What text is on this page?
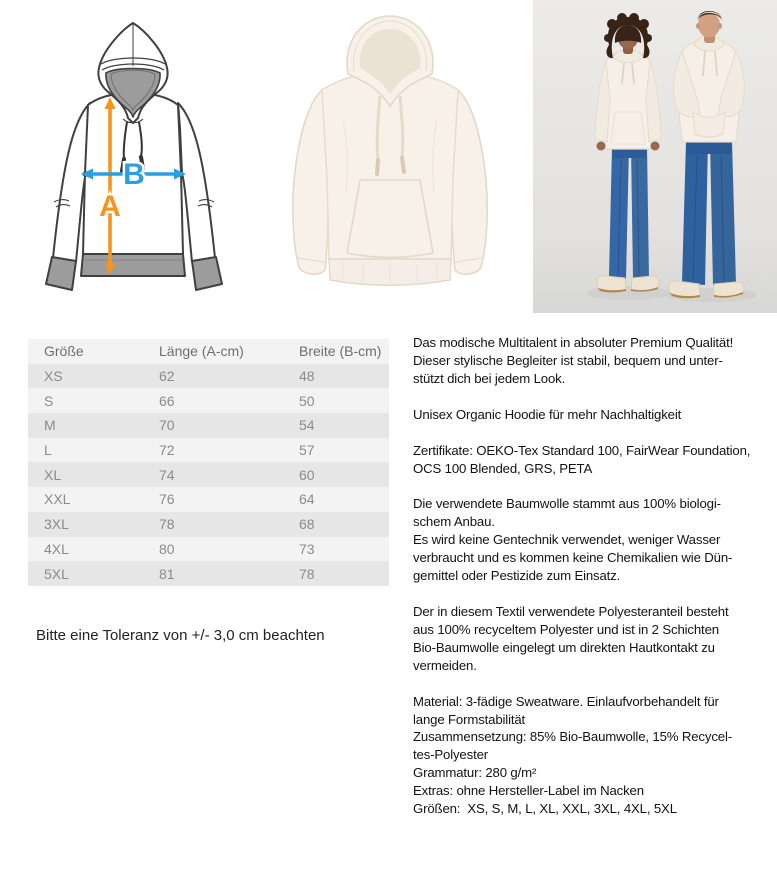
A
B
Größe	Länge (A-cm)	Breite (B-cm)
XS	62	48
S	66	50
M	70	54
L	72	57
XL	74	60
XXL	76	64
3XL	78	68
4XL	80	73
5XL	81	78
Bitte eine Toleranz von +/- 3,0 cm beachten

Das modische Multitalent in absoluter Premium Qualität!
Dieser stylische Begleiter ist stabil, bequem und unter-
stützt dich bei jedem Look.

Unisex Organic Hoodie für mehr Nachhaltigkeit

Zertifikate: OEKO-Tex Standard 100, FairWear Foundation,
OCS 100 Blended, GRS, PETA

Die verwendete Baumwolle stammt aus 100% biologi-
schem Anbau.
Es wird keine Gentechnik verwendet, weniger Wasser
verbraucht und es kommen keine Chemikalien wie Dün-
gemittel oder Pestizide zum Einsatz.

Der in diesem Textil verwendete Polyesteranteil besteht
aus 100% recyceltem Polyester und ist in 2 Schichten
Bio-Baumwolle eingelegt um direkten Hautkontakt zu
vermeiden.

Material: 3-fädige Sweatware. Einlaufvorbehandelt für
lange Formstabilität
Zusammensetzung: 85% Bio-Baumwolle, 15% Recycel-
tes-Polyester
Grammatur: 280 g/m²
Extras: ohne Hersteller-Label im Nacken
Größen:  XS, S, M, L, XL, XXL, 3XL, 4XL, 5XL
